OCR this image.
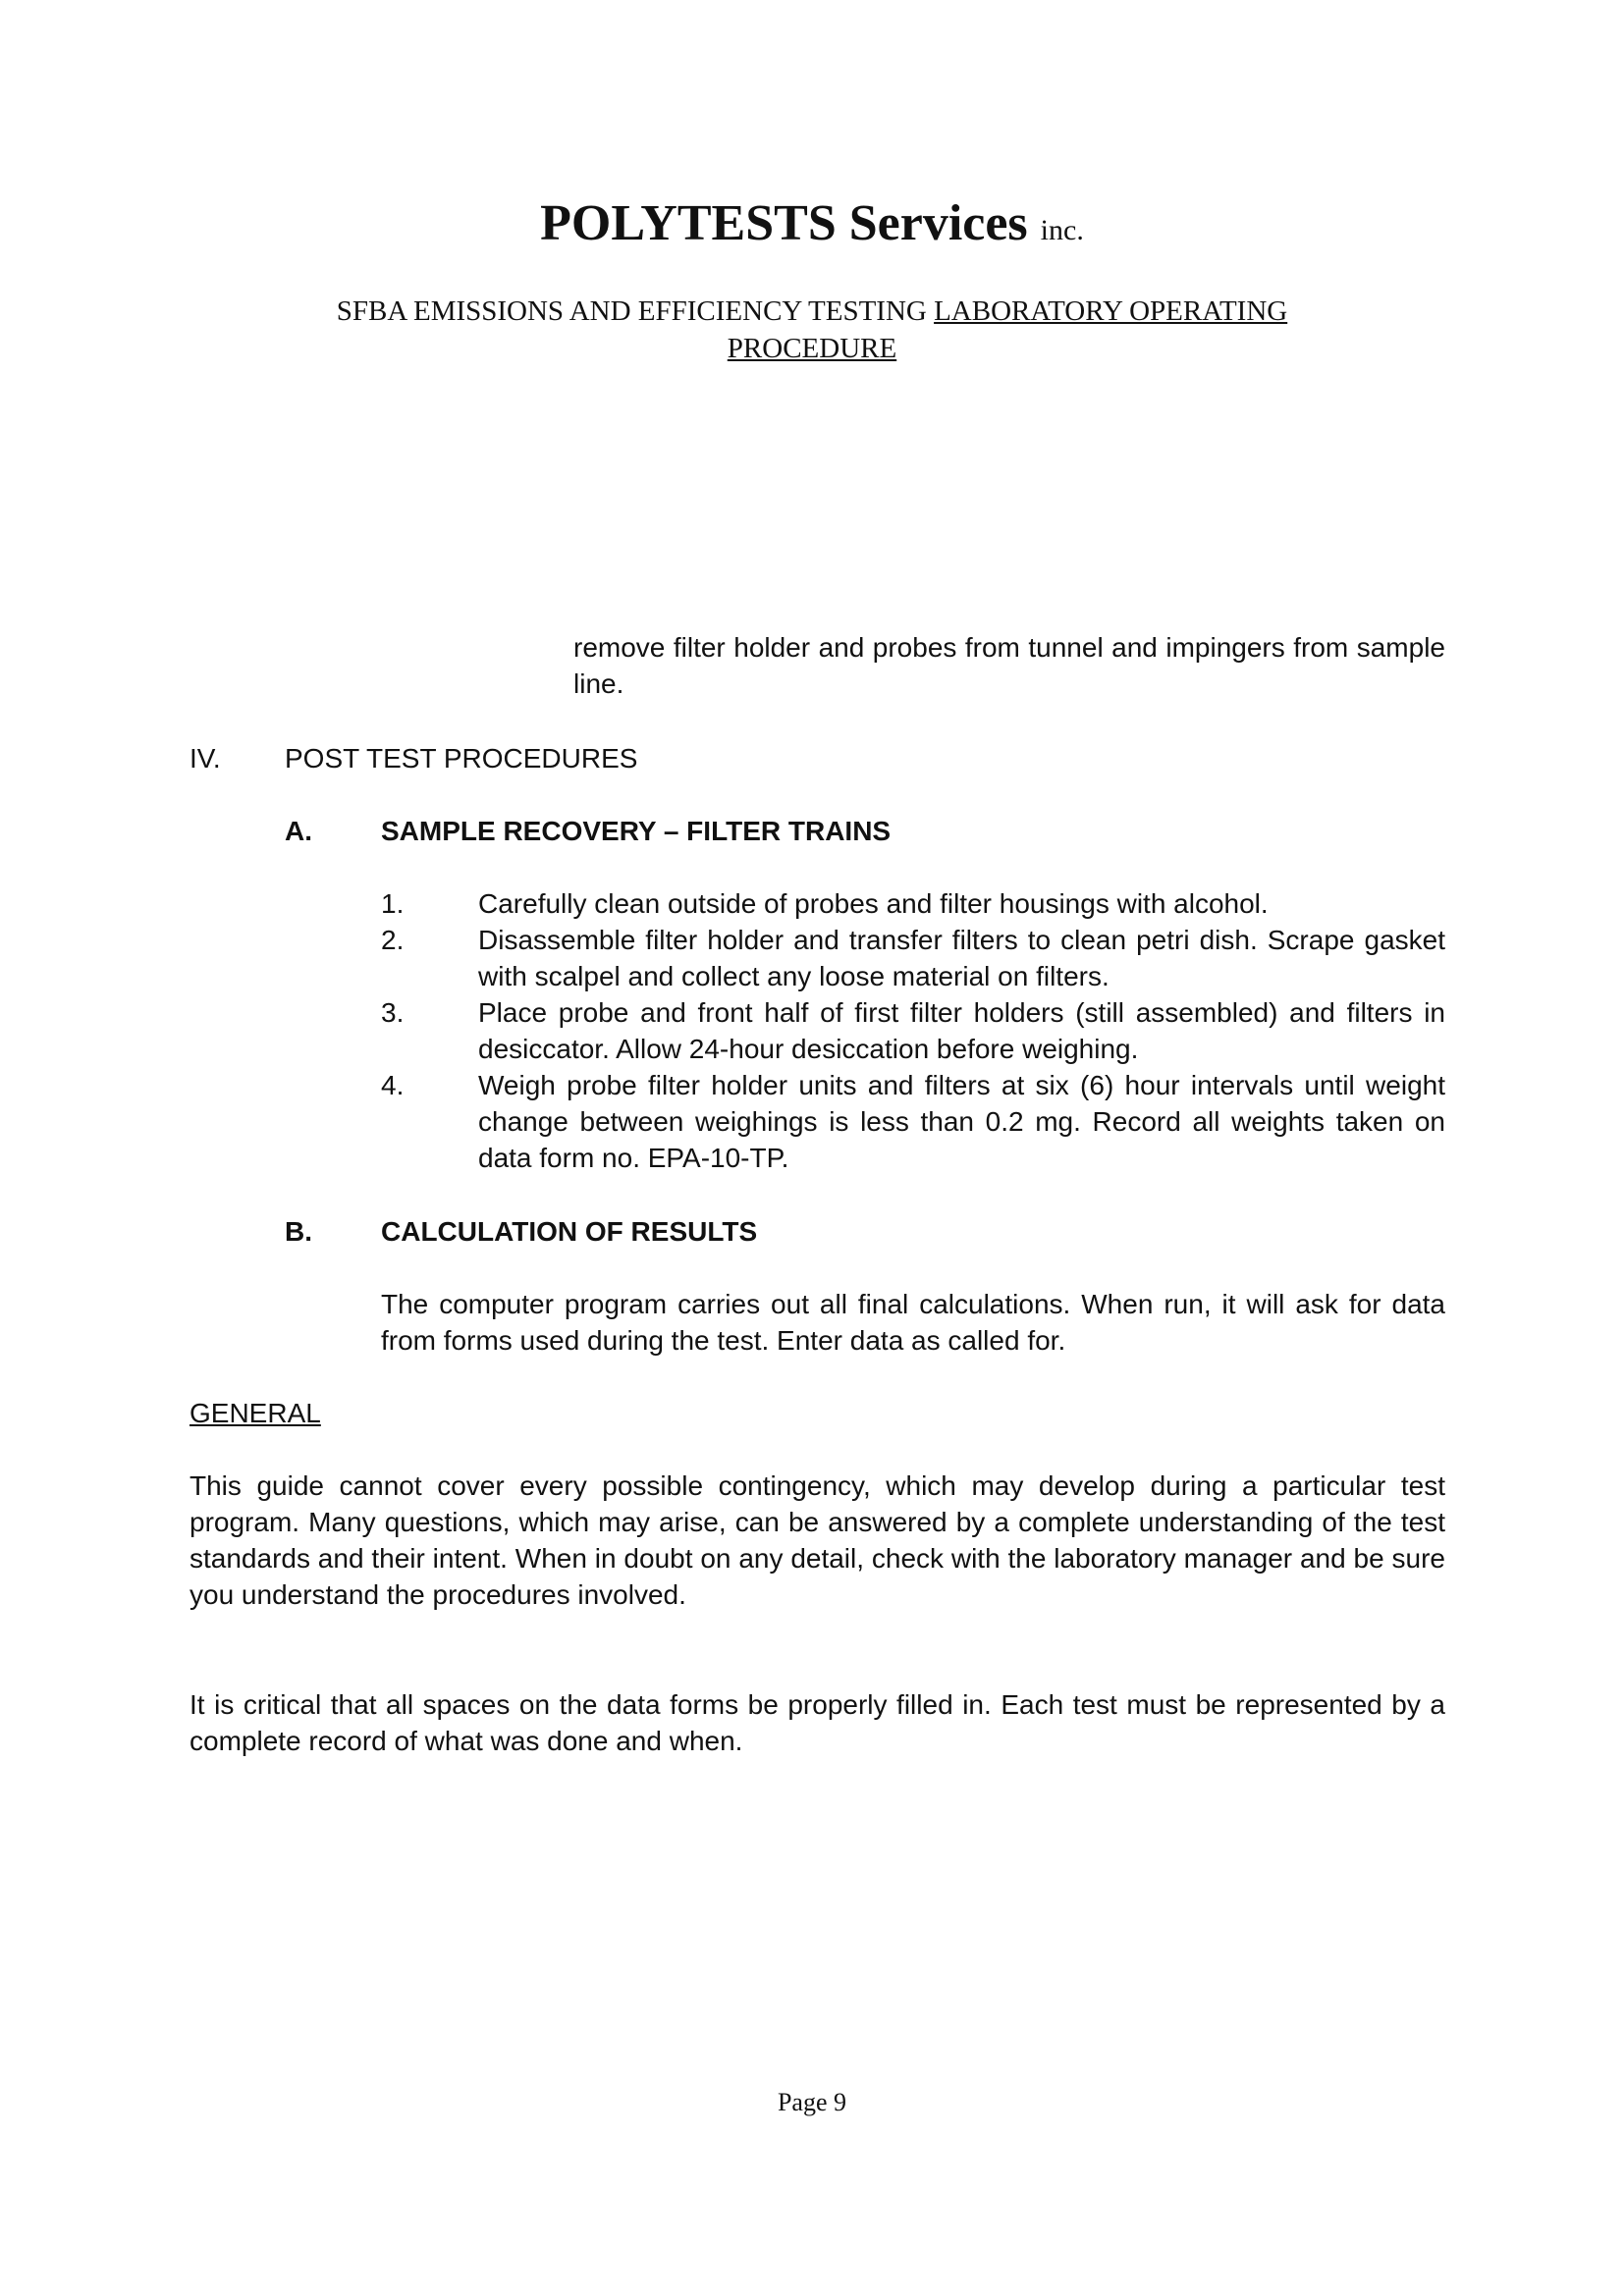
POLYTESTS Services inc.
SFBA EMISSIONS AND EFFICIENCY TESTING LABORATORY OPERATING
PROCEDURE
remove filter holder and probes from tunnel and impingers from sample line.
IV. POST TEST PROCEDURES
A.	SAMPLE RECOVERY – FILTER TRAINS
1.	Carefully clean outside of probes and filter housings with alcohol.
2.	Disassemble filter holder and transfer filters to clean petri dish. Scrape gasket with scalpel and collect any loose material on filters.
3.	Place probe and front half of first filter holders (still assembled) and filters in desiccator. Allow 24-hour desiccation before weighing.
4.	Weigh probe filter holder units and filters at six (6) hour intervals until weight change between weighings is less than 0.2 mg. Record all weights taken on data form no. EPA-10-TP.
B.	CALCULATION OF RESULTS
The computer program carries out all final calculations. When run, it will ask for data from forms used during the test. Enter data as called for.
GENERAL
This guide cannot cover every possible contingency, which may develop during a particular test program. Many questions, which may arise, can be answered by a complete understanding of the test standards and their intent. When in doubt on any detail, check with the laboratory manager and be sure you understand the procedures involved.
It is critical that all spaces on the data forms be properly filled in. Each test must be represented by a complete record of what was done and when.
Page 9
